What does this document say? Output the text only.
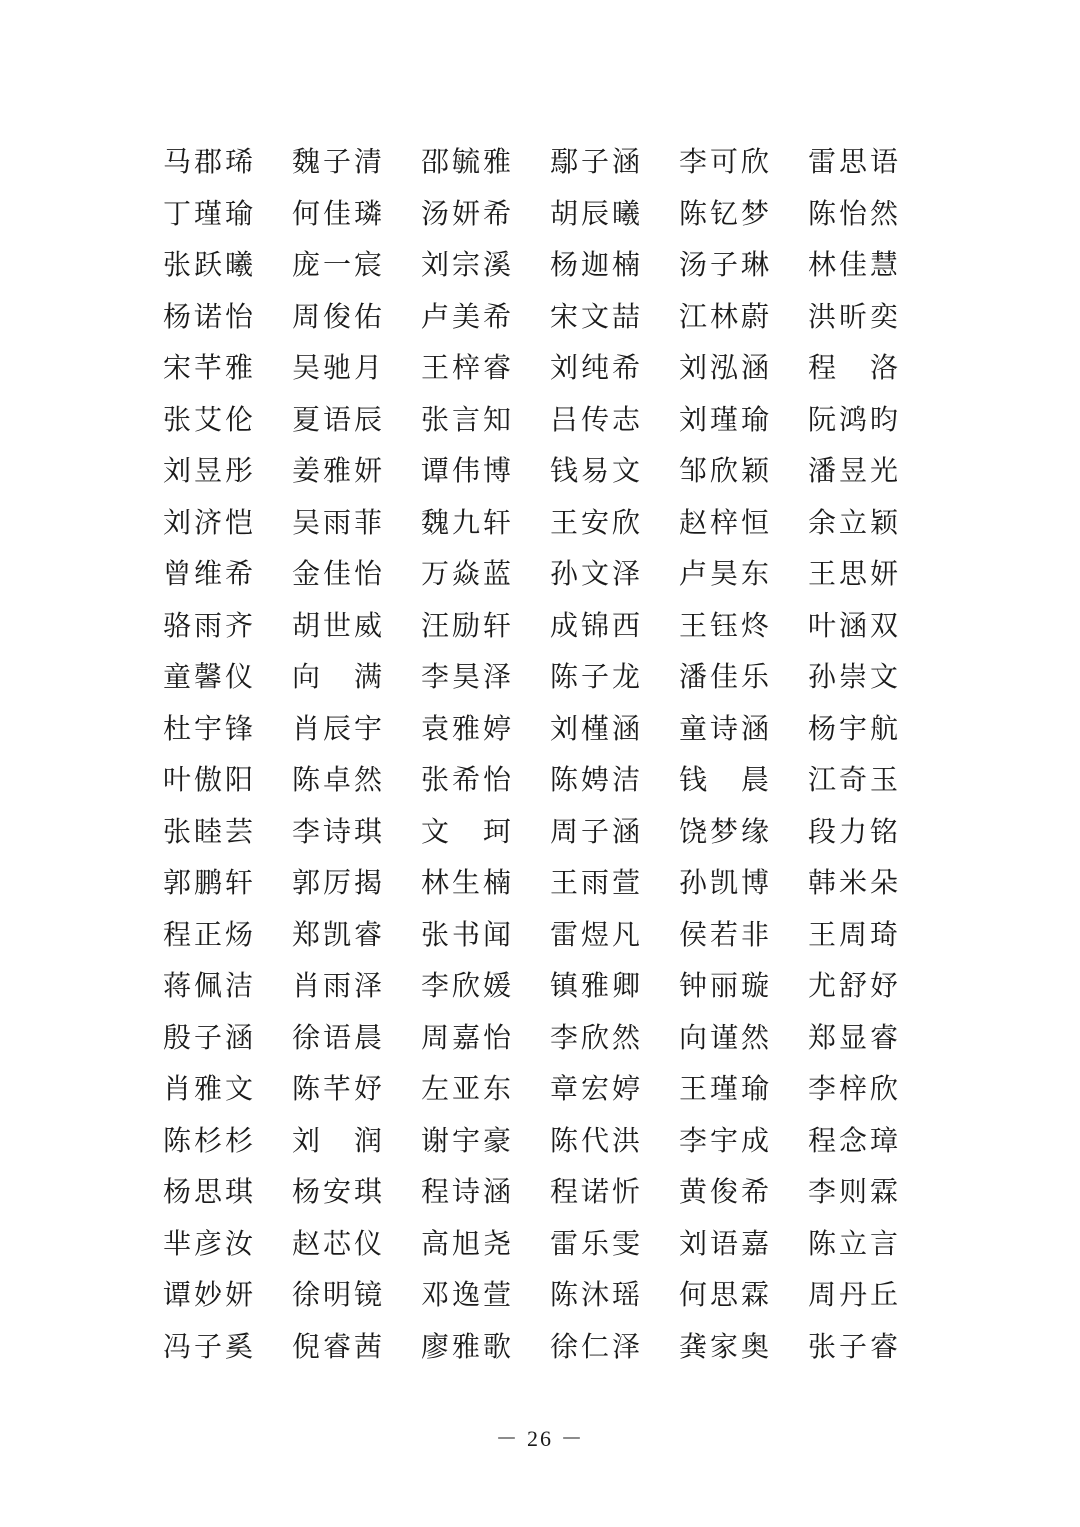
马郡琋	魏子清	邵毓雅	鄢子涵	李可欣	雷思语
丁瑾瑜	何佳璘	汤妍希	胡辰曦	陈钇梦	陈怡然
张跃曦	庞一宸	刘宗溪	杨迦楠	汤子琳	林佳慧
杨诺怡	周俊佑	卢美希	宋文喆	江林蔚	洪昕奕
宋芊雅	吴驰月	王梓睿	刘纯希	刘泓涵	程　洛
张艾伦	夏语辰	张言知	吕传志	刘瑾瑜	阮鸿昀
刘昱彤	姜雅妍	谭伟博	钱易文	邹欣颖	潘昱光
刘济恺	吴雨菲	魏九轩	王安欣	赵梓恒	余立颖
曾维希	金佳怡	万焱蓝	孙文泽	卢昊东	王思妍
骆雨齐	胡世威	汪励轩	成锦西	王钰炵	叶涵双
童馨仪	向　满	李昊泽	陈子龙	潘佳乐	孙崇文
杜宇锋	肖辰宇	袁雅婷	刘槿涵	童诗涵	杨宇航
叶傲阳	陈卓然	张希怡	陈娉洁	钱　晨	江奇玉
张睦芸	李诗琪	文　珂	周子涵	饶梦缘	段力铭
郭鹏轩	郭厉揭	林生楠	王雨萱	孙凯博	韩米朵
程正炀	郑凯睿	张书闻	雷煜凡	侯若非	王周琦
蒋佩洁	肖雨泽	李欣媛	镇雅卿	钟丽璇	尤舒妤
殷子涵	徐语晨	周嘉怡	李欣然	向谨然	郑显睿
肖雅文	陈芊妤	左亚东	章宏婷	王瑾瑜	李梓欣
陈杉杉	刘　润	谢宇豪	陈代洪	李宇成	程念璋
杨思琪	杨安琪	程诗涵	程诺忻	黄俊希	李则霖
芈彦汝	赵芯仪	高旭尧	雷乐雯	刘语嘉	陈立言
谭妙妍	徐明镜	邓逸萱	陈沐瑶	何思霖	周丹丘
冯子奚	倪睿茜	廖雅歌	徐仁泽	龚家奥	张子睿
－ 26 －
